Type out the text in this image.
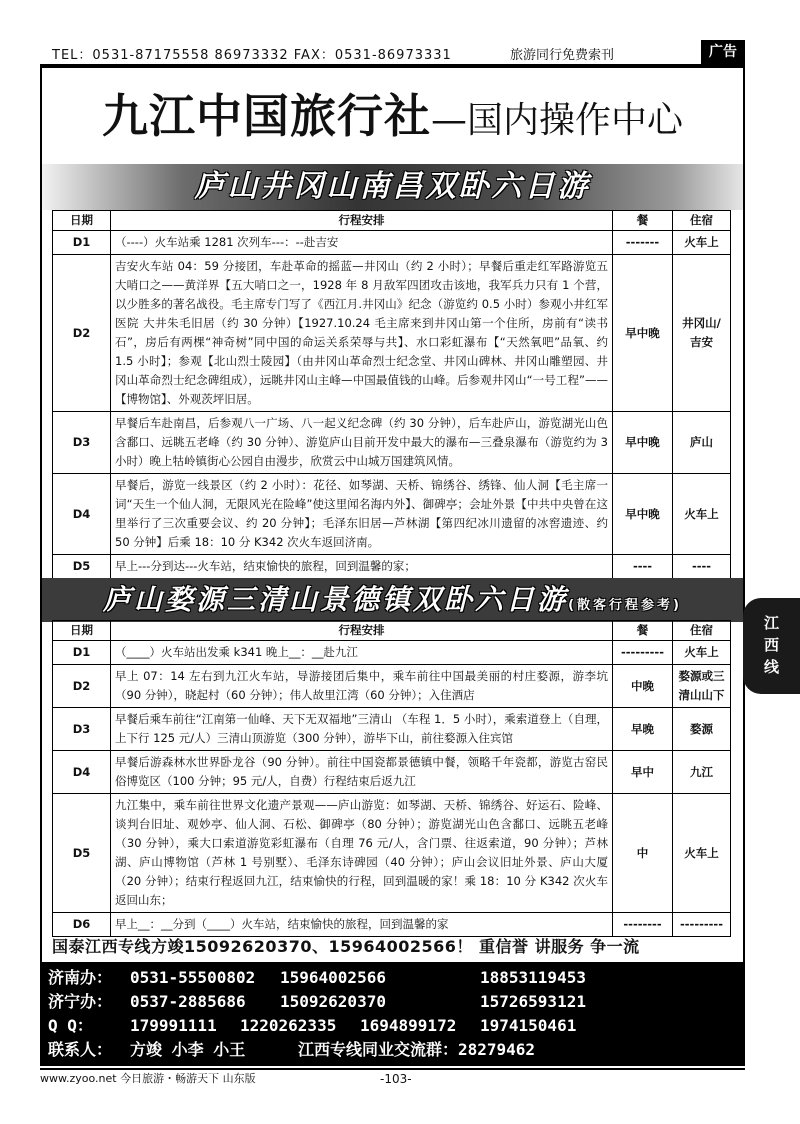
TEL：0531-87175558 86973332 FAX：0531-86973331	旅游同行免费索刊	广告
九江中国旅行社—国内操作中心
庐山井冈山南昌双卧六日游
日期	行程安排	餐	住宿
D1	（----）火车站乘 1281 次列车---：--赴吉安	-------	火车上
D2	吉安火车站 04：59 分接团，车赴革命的摇蓝—井冈山（约 2 小时）；早餐后重走红军路游览五大哨口之——黄洋界【五大哨口之一，1928 年 8 月敌军四团攻击该地，我军兵力只有 1 个营，以少胜多的著名战役。毛主席专门写了《西江月.井冈山》纪念（游览约 0.5 小时）参观小井红军医院 大井朱毛旧居（约 30 分钟）【1927.10.24 毛主席来到井冈山第一个住所，房前有“读书石”，房后有两棵“神奇树”同中国的命运关系荣辱与共】、水口彩虹瀑布【“天然氧吧”品氧、约 1.5 小时】；参观【北山烈士陵园】（由井冈山革命烈士纪念堂、井冈山碑林、井冈山雕塑园、井冈山革命烈士纪念碑组成），远眺井冈山主峰—中国最值钱的山峰。后参观井冈山“一号工程”——【博物馆】、外观茨坪旧居。	早中晚	井冈山/吉安
D3	早餐后车赴南昌，后参观八一广场、八一起义纪念碑（约 30 分钟），后车赴庐山，游览湖光山色含鄱口、远眺五老峰（约 30 分钟）、游览庐山目前开发中最大的瀑布—三叠泉瀑布（游览约为 3 小时）晚上牯岭镇街心公园自由漫步，欣赏云中山城万国建筑风情。	早中晚	庐山
D4	早餐后，游览一线景区（约 2 小时）：花径、如琴湖、天桥、锦绣谷、绣锋、仙人洞【毛主席一词“天生一个仙人洞，无限风光在险峰”使这里闻名海内外】、御碑亭；会址外景【中共中央曾在这里举行了三次重要会议、约 20 分钟】；毛泽东旧居—芦林湖【第四纪冰川遗留的冰窖遗迹、约 50 分钟】后乘 18：10 分 K342 次火车返回济南。	早中晚	火车上
D5	早上---分到达---火车站，结束愉快的旅程，回到温馨的家；	----	----
庐山婺源三清山景德镇双卧六日游(散客行程参考)
日期	行程安排	餐	住宿
D1	（____）火车站出发乘 k341 晚上__：__赴九江	---------	火车上
D2	早上 07：14 左右到九江火车站，导游接团后集中，乘车前往中国最美丽的村庄婺源，游李坑（90 分钟），晓起村（60 分钟）；伟人故里江湾（60 分钟）；入住酒店	中晚	婺源或三清山山下
D3	早餐后乘车前往“江南第一仙峰、天下无双福地”三清山 （车程 1．5 小时），乘索道登上（自理，上下行 125 元/人）三清山顶游览（300 分钟），游毕下山，前往婺源入住宾馆	早晚	婺源
D4	早餐后游森林水世界卧龙谷（90 分钟）。前往中国瓷都景德镇中餐，领略千年瓷都，游览古窑民俗博览区（100 分钟；95 元/人，自费）行程结束后返九江	早中	九江
D5	九江集中，乘车前往世界文化遗产景观——庐山游览：如琴湖、天桥、锦绣谷、好运石、险峰、谈判台旧址、观妙亭、仙人洞、石松、御碑亭（80 分钟）；游览湖光山色含鄱口、远眺五老峰（30 分钟），乘大口索道游览彩虹瀑布（自理 76 元/人，含门票、往返索道，90 分钟）；芦林湖、庐山博物馆（芦林 1 号别墅）、毛泽东诗碑园（40 分钟）；庐山会议旧址外景、庐山大厦（20 分钟）；结束行程返回九江，结束愉快的行程，回到温暖的家！乘 18：10 分 K342 次火车返回山东；	中	火车上
D6	早上__：__分到（____）火车站，结束愉快的旅程，回到温馨的家	--------	---------
国泰江西专线方竣15092620370、15964002566！ 重信誉 讲服务 争一流
济南办： 0531-55500802 15964002566	18853119453
济宁办： 0537-2885686 15092620370	15726593121
Q Q： 179991111 1220262335 1694899172 1974150461
联系人： 方竣 小李 小王	江西专线同业交流群：28279462
www.zyoo.net 今日旅游・畅游天下 山东版	-103-
江
西
线
